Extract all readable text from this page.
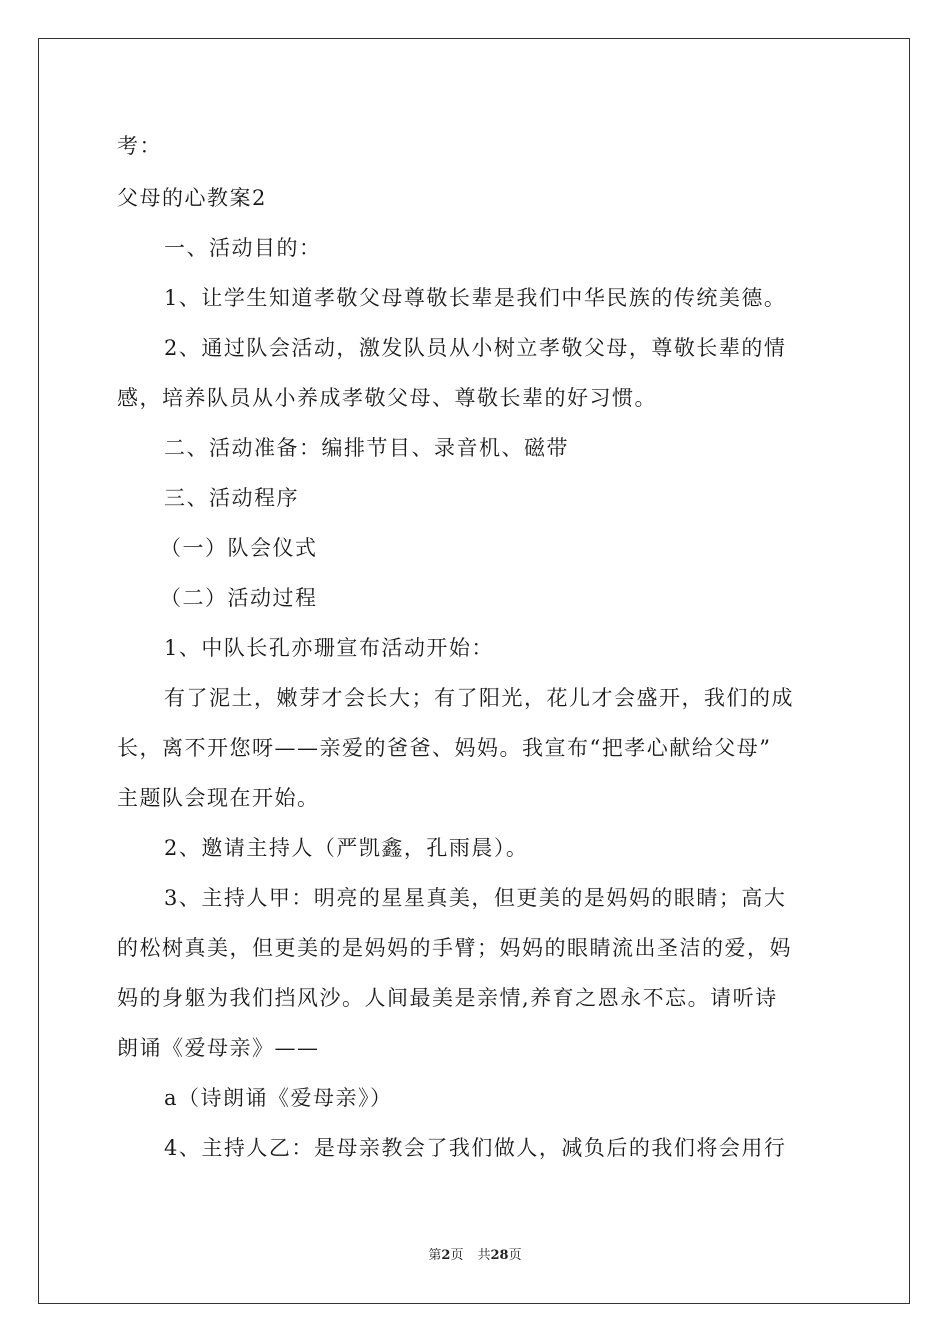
考：
父母的心教案2
一、活动目的：
1、让学生知道孝敬父母尊敬长辈是我们中华民族的传统美德。
2、通过队会活动，激发队员从小树立孝敬父母，尊敬长辈的情
感，培养队员从小养成孝敬父母、尊敬长辈的好习惯。
二、活动准备：编排节目、录音机、磁带
三、活动程序
（一）队会仪式
（二）活动过程
1、中队长孔亦珊宣布活动开始：
有了泥土，嫩芽才会长大；有了阳光，花儿才会盛开，我们的成
长，离不开您呀——亲爱的爸爸、妈妈。我宣布“把孝心献给父母”
主题队会现在开始。
2、邀请主持人（严凯鑫，孔雨晨）。
3、主持人甲：明亮的星星真美，但更美的是妈妈的眼睛；高大
的松树真美，但更美的是妈妈的手臂；妈妈的眼睛流出圣洁的爱，妈
妈的身躯为我们挡风沙。人间最美是亲情,养育之恩永不忘。请听诗
朗诵《爱母亲》——
a（诗朗诵《爱母亲》）
4、主持人乙：是母亲教会了我们做人，减负后的我们将会用行
第2页 共28页
